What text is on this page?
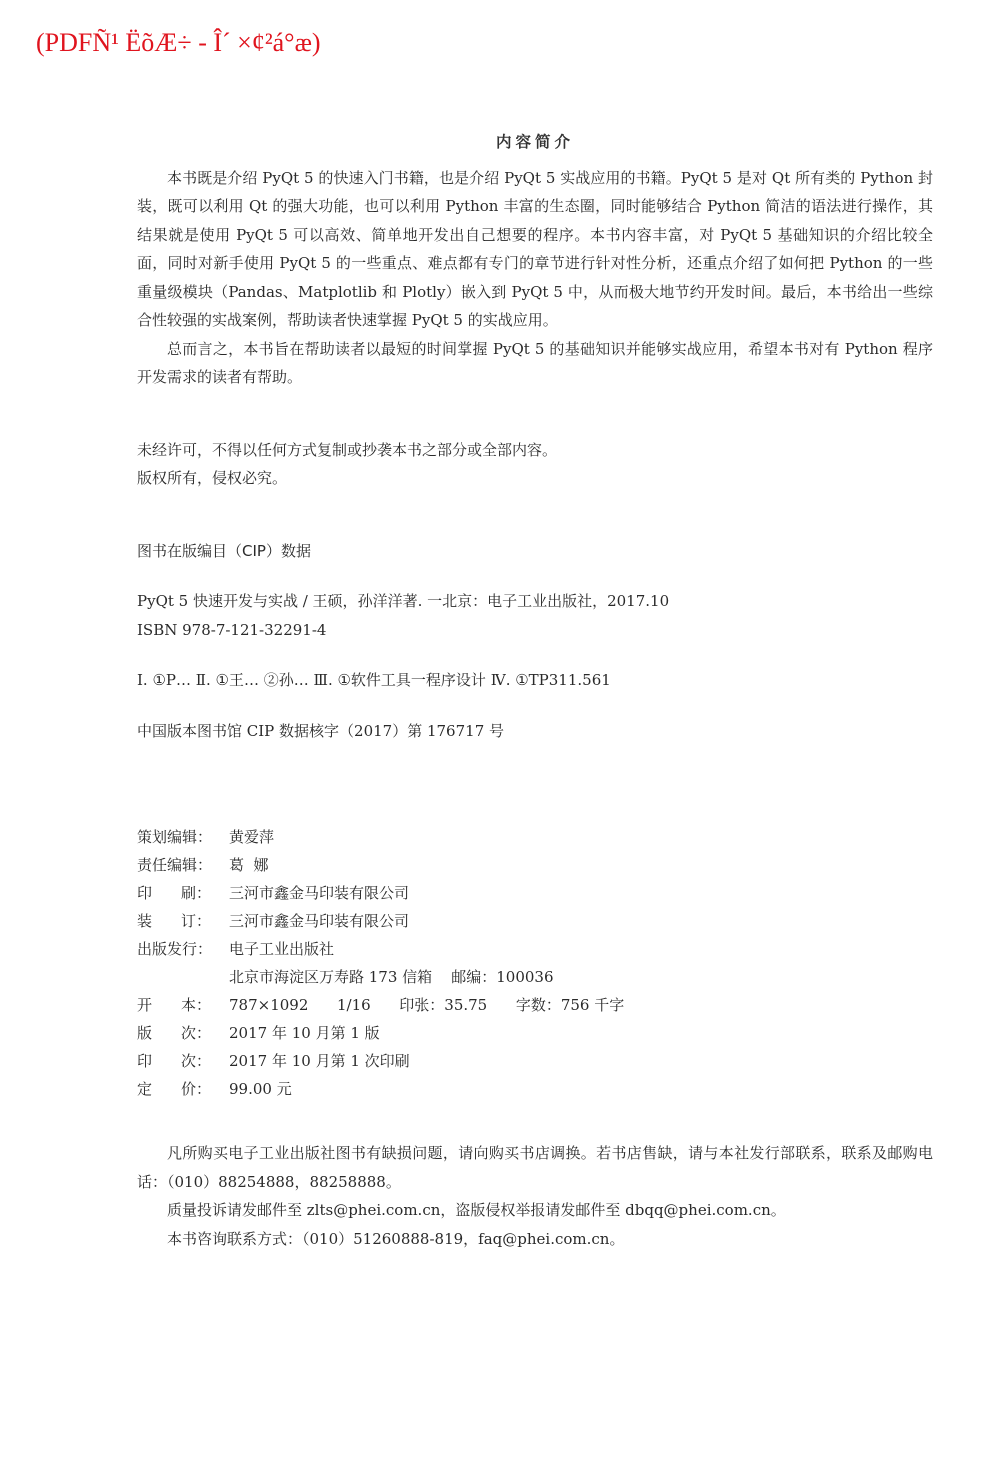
(PDFÑ¹ ËõÆ÷ - Î´ ×¢²á°æ)

内容简介

本书既是介绍 PyQt 5 的快速入门书籍，也是介绍 PyQt 5 实战应用的书籍。PyQt 5 是对 Qt 所有类的 Python 封装，既可以利用 Qt 的强大功能，也可以利用 Python 丰富的生态圈，同时能够结合 Python 简洁的语法进行操作，其结果就是使用 PyQt 5 可以高效、简单地开发出自己想要的程序。本书内容丰富，对 PyQt 5 基础知识的介绍比较全面，同时对新手使用 PyQt 5 的一些重点、难点都有专门的章节进行针对性分析，还重点介绍了如何把 Python 的一些重量级模块（Pandas、Matplotlib 和 Plotly）嵌入到 PyQt 5 中，从而极大地节约开发时间。最后，本书给出一些综合性较强的实战案例，帮助读者快速掌握 PyQt 5 的实战应用。

总而言之，本书旨在帮助读者以最短的时间掌握 PyQt 5 的基础知识并能够实战应用，希望本书对有 Python 程序开发需求的读者有帮助。

未经许可，不得以任何方式复制或抄袭本书之部分或全部内容。

版权所有，侵权必究。

图书在版编目（CIP）数据

PyQt 5 快速开发与实战 / 王硕，孙洋洋著. 一北京：电子工业出版社，2017.10

ISBN 978-7-121-32291-4

Ⅰ. ①P… Ⅱ. ①王… ②孙… Ⅲ. ①软件工具一程序设计 Ⅳ. ①TP311.561

中国版本图书馆 CIP 数据核字（2017）第 176717 号

策划编辑：	黄爱萍
责任编辑：	葛  娜
印 刷： 三河市鑫金马印装有限公司
装 订： 三河市鑫金马印装有限公司
出版发行：	电子工业出版社
北京市海淀区万寿路 173 信箱    邮编：100036
开 本： 787×1092      1/16      印张：35.75      字数：756 千字
版 次： 2017 年 10 月第 1 版
印 次： 2017 年 10 月第 1 次印刷
定 价： 99.00 元

凡所购买电子工业出版社图书有缺损问题，请向购买书店调换。若书店售缺，请与本社发行部联系，联系及邮购电话：（010）88254888，88258888。

质量投诉请发邮件至 zlts@phei.com.cn，盗版侵权举报请发邮件至 dbqq@phei.com.cn。

本书咨询联系方式：（010）51260888-819，faq@phei.com.cn。
